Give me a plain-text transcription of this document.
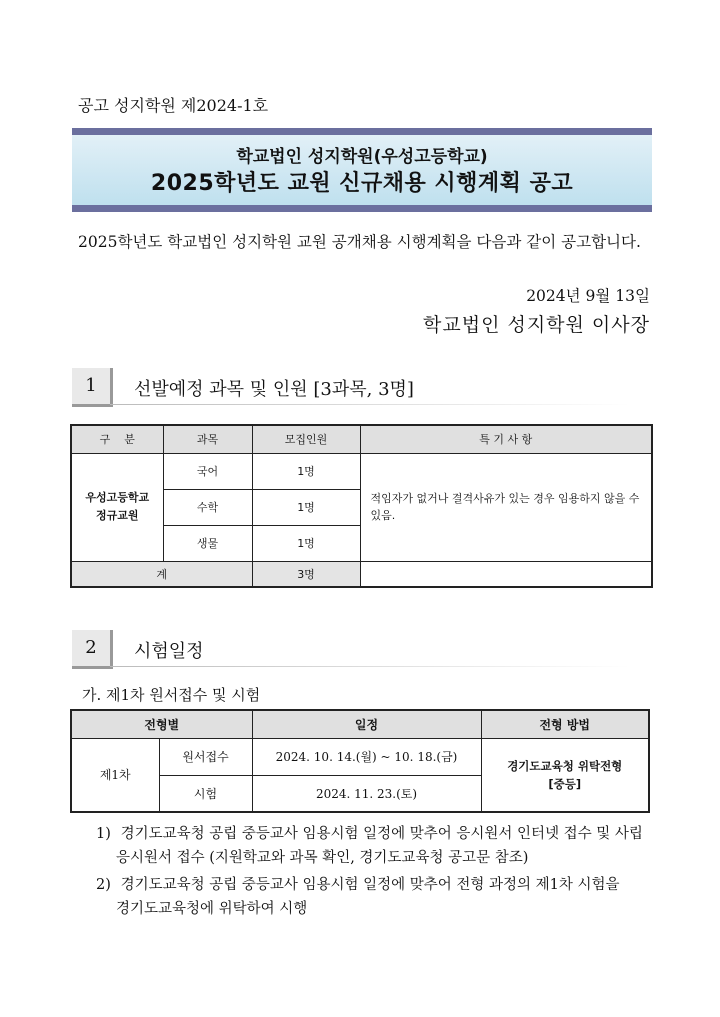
공고 성지학원 제2024-1호
학교법인 성지학원(우성고등학교)
2025학년도 교원 신규채용 시행계획 공고
2025학년도 학교법인 성지학원 교원 공개채용 시행계획을 다음과 같이 공고합니다.
2024년 9월 13일
학교법인 성지학원 이사장
1	선발예정 과목 및 인원 [3과목, 3명]
구    분	과목	모집인원	특 기 사 항
우성고등학교
정규교원	국어	1명	적임자가 없거나 결격사유가 있는 경우 임용하지 않을 수 있음.
	수학	1명	
	생물	1명	
계		3명	
2	시험일정
가. 제1차 원서접수 및 시험
전형별		일정	전형 방법
제1차	원서접수	2024. 10. 14.(월) ~ 10. 18.(금)	경기도교육청 위탁전형
[중등]

	시험	2024. 11. 23.(토)	
1) 경기도교육청 공립 중등교사 임용시험 일정에 맞추어 응시원서 인터넷 접수 및 사립
응시원서 접수 (지원학교와 과목 확인, 경기도교육청 공고문 참조)
2) 경기도교육청 공립 중등교사 임용시험 일정에 맞추어 전형 과정의 제1차 시험을
경기도교육청에 위탁하여 시행
